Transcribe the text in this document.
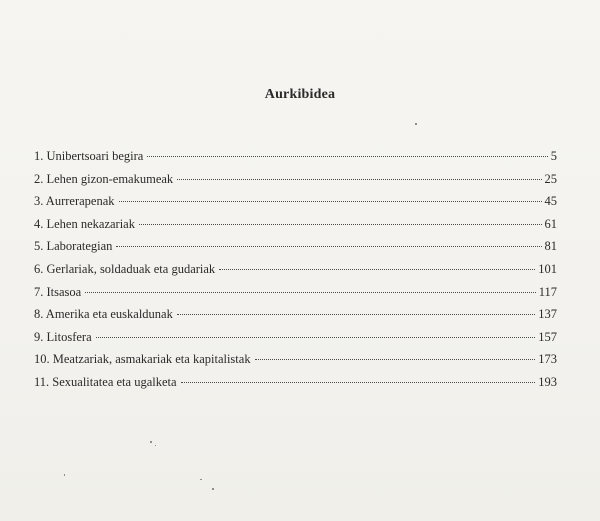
Aurkibidea
1. Unibertsoari begira	5
2. Lehen gizon-emakumeak	25
3. Aurrerapenak	45
4. Lehen nekazariak	61
5. Laborategian	81
6. Gerlariak, soldaduak eta gudariak	101
7. Itsasoa	117
8. Amerika eta euskaldunak	137
9. Litosfera	157
10. Meatzariak, asmakariak eta kapitalistak	173
11. Sexualitatea eta ugalketa	193
